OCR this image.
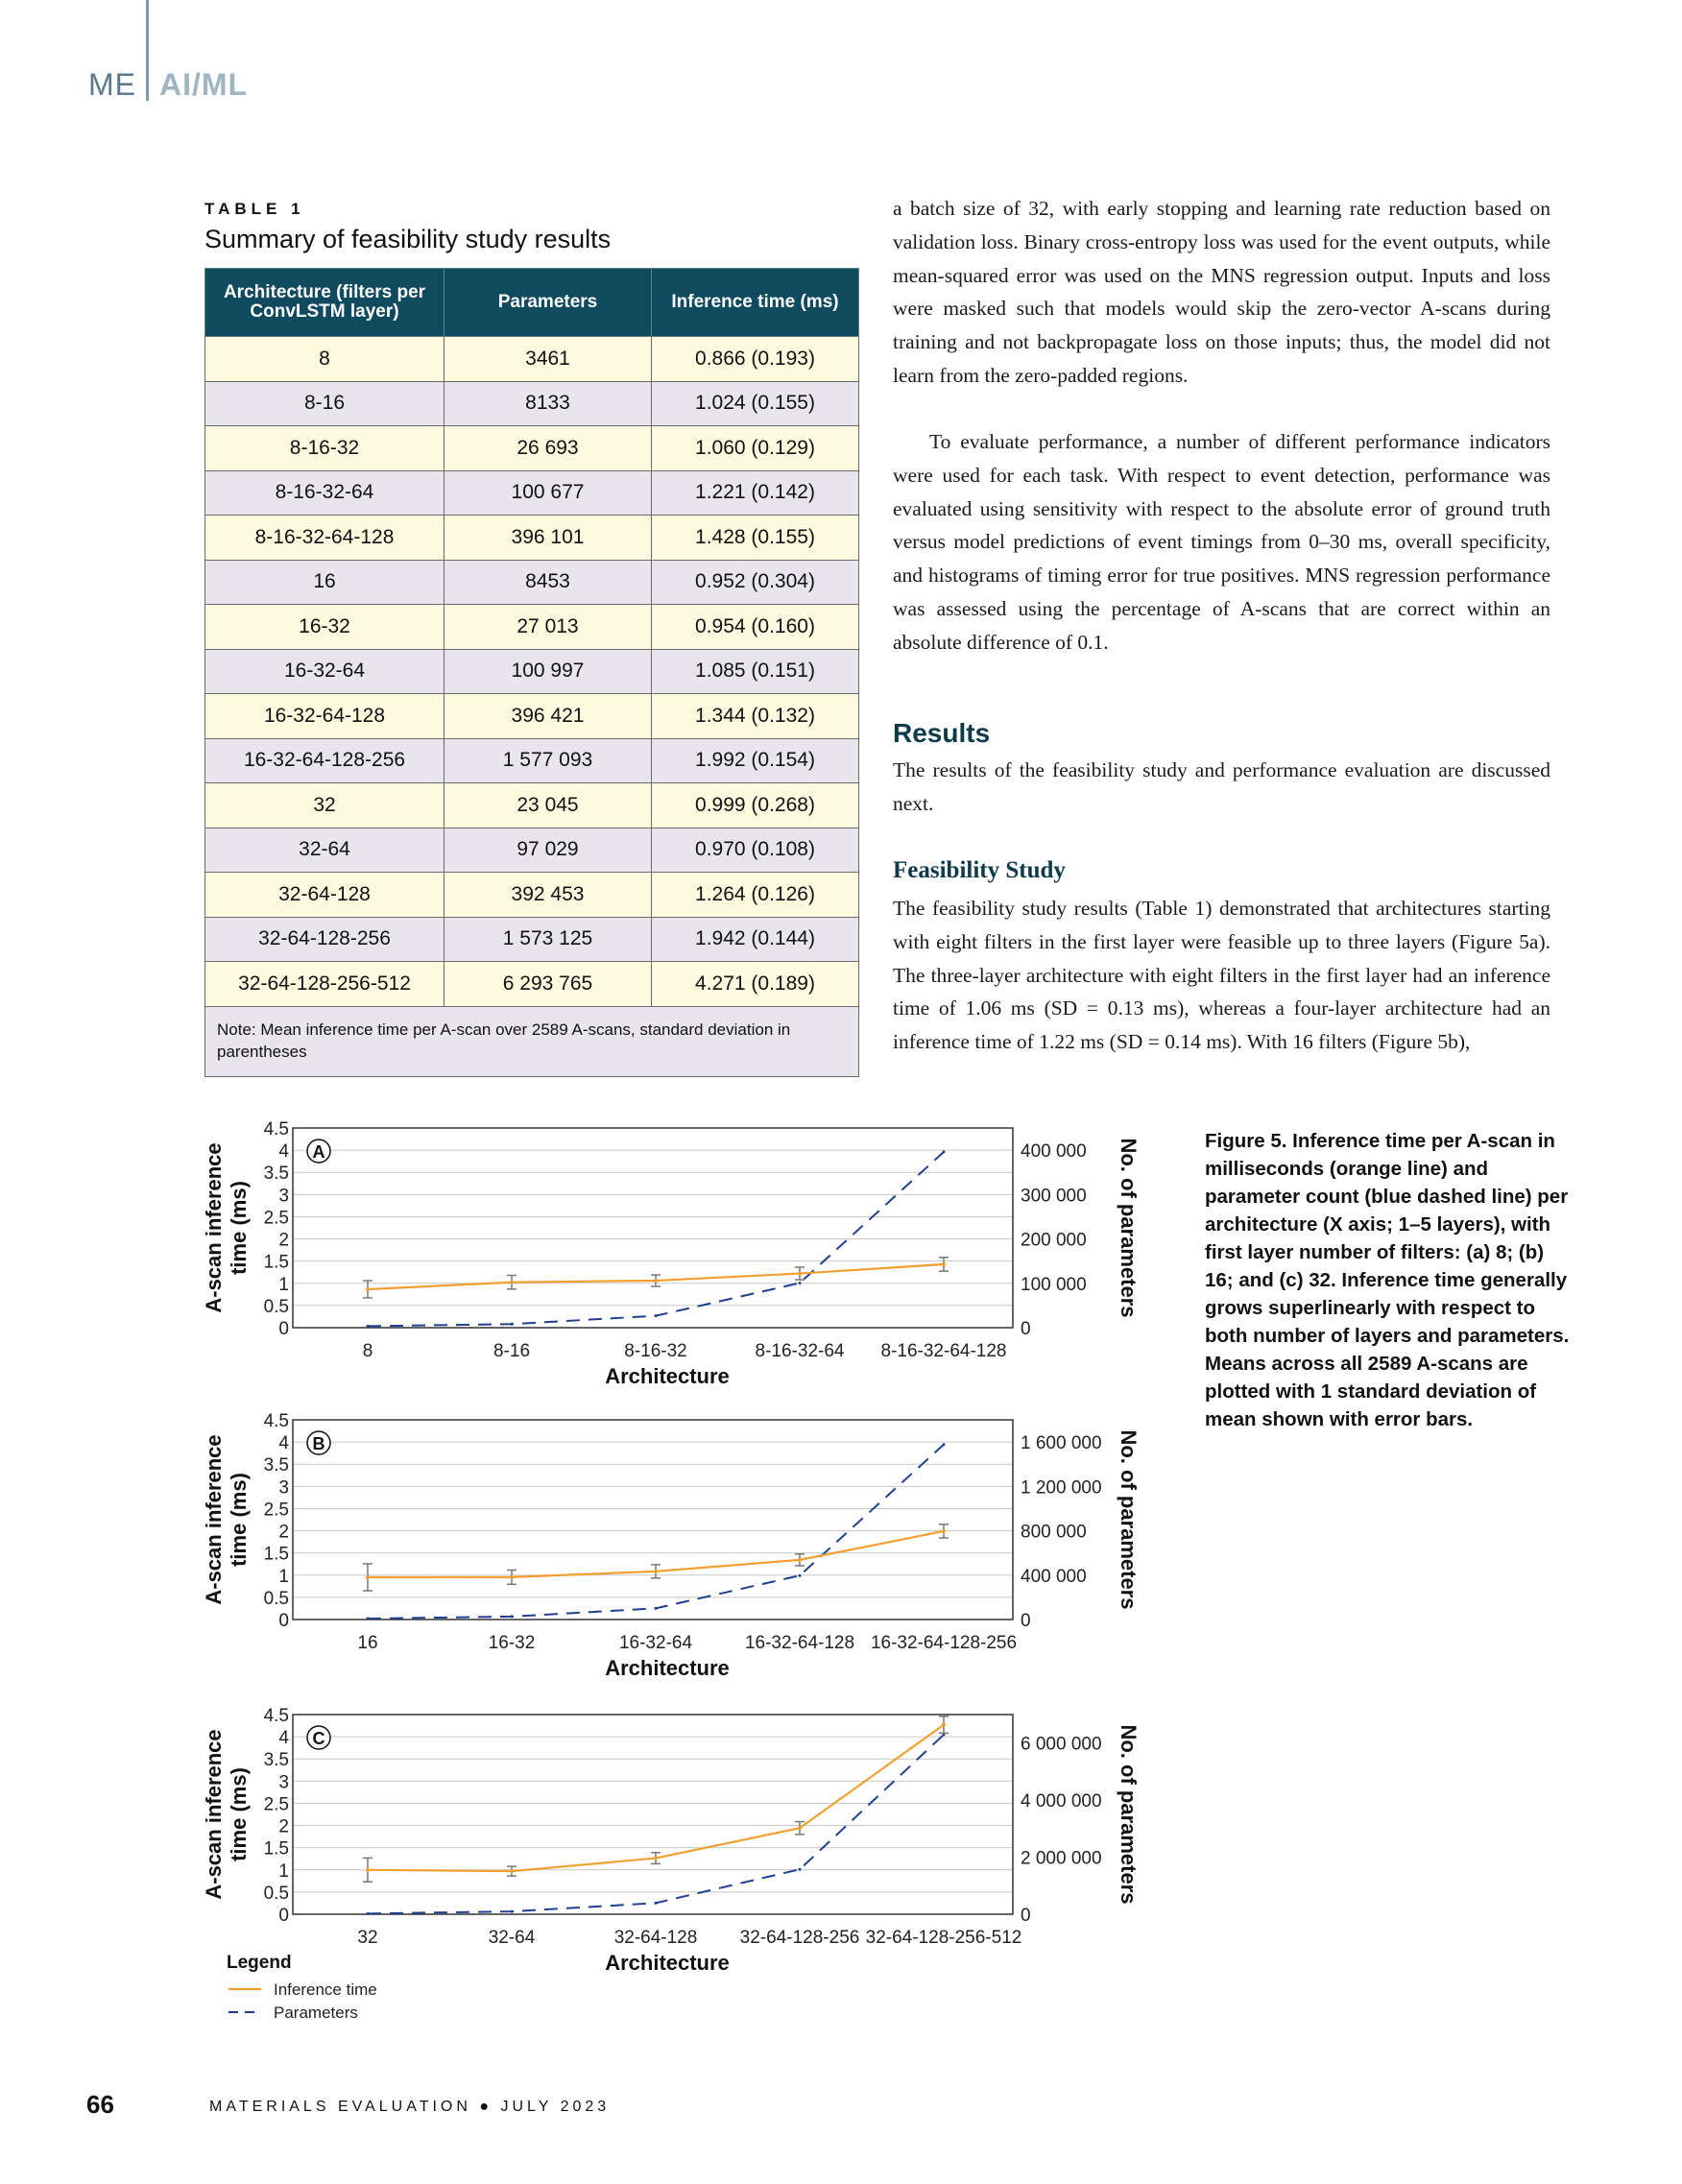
ME AI/ML
TABLE 1
Summary of feasibility study results
Architecture (filters per ConvLSTM layer)	Parameters	Inference time (ms)
8	3461	0.866 (0.193)
8-16	8133	1.024 (0.155)
8-16-32	26 693	1.060 (0.129)
8-16-32-64	100 677	1.221 (0.142)
8-16-32-64-128	396 101	1.428 (0.155)
16	8453	0.952 (0.304)
16-32	27 013	0.954 (0.160)
16-32-64	100 997	1.085 (0.151)
16-32-64-128	396 421	1.344 (0.132)
16-32-64-128-256	1 577 093	1.992 (0.154)
32	23 045	0.999 (0.268)
32-64	97 029	0.970 (0.108)
32-64-128	392 453	1.264 (0.126)
32-64-128-256	1 573 125	1.942 (0.144)
32-64-128-256-512	6 293 765	4.271 (0.189)
Note: Mean inference time per A-scan over 2589 A-scans, standard deviation in parentheses		
a batch size of 32, with early stopping and learning rate reduction based on validation loss. Binary cross-entropy loss was used for the event outputs, while mean-squared error was used on the MNS regression output. Inputs and loss were masked such that models would skip the zero-vector A-scans during training and not backpropagate loss on those inputs; thus, the model did not learn from the zero-padded regions.
To evaluate performance, a number of different performance indicators were used for each task. With respect to event detection, performance was evaluated using sensitivity with respect to the absolute error of ground truth versus model predictions of event timings from 0–30 ms, overall specificity, and histograms of timing error for true positives. MNS regression performance was assessed using the percentage of A-scans that are correct within an absolute difference of 0.1.
Results
The results of the feasibility study and performance evaluation are discussed next.
Feasibility Study
The feasibility study results (Table 1) demonstrated that architectures starting with eight filters in the first layer were feasible up to three layers (Figure 5a). The three-layer architecture with eight filters in the first layer had an inference time of 1.06 ms (SD = 0.13 ms), whereas a four-layer architecture had an inference time of 1.22 ms (SD = 0.14 ms). With 16 filters (Figure 5b),
Figure 5. Inference time per A-scan in milliseconds (orange line) and parameter count (blue dashed line) per architecture (X axis; 1–5 layers), with first layer number of filters: (a) 8; (b) 16; and (c) 32. Inference time generally grows superlinearly with respect to both number of layers and parameters. Means across all 2589 A-scans are plotted with 1 standard deviation of mean shown with error bars.
0
0.5
1
1.5
2
2.5
3
3.5
4
4.5
0
100 000
200 000
300 000
400 000
8	8-16	8-16-32	8-16-32-64 8-16-32-64-128
Architecture
A-scan inference time (ms)	No. of parameters
A
0
0.5
1
1.5
2
2.5
3
3.5
4
4.5
0
400 000
800 000
1 200 000
1 600 000
16	16-32	16-32-64	16-32-64-128 16-32-64-128-256
Architecture
A-scan inference time (ms)	No. of parameters
B
0
0.5
1
1.5
2
2.5
3
3.5
4
4.5
0
2 000 000
4 000 000
6 000 000
32	32-64	32-64-128 32-64-128-256 32-64-128-256-512
Architecture
A-scan inference time (ms)	No. of parameters
C
Legend
Inference time
Parameters
66	MATERIALS EVALUATION ● JULY 2023
